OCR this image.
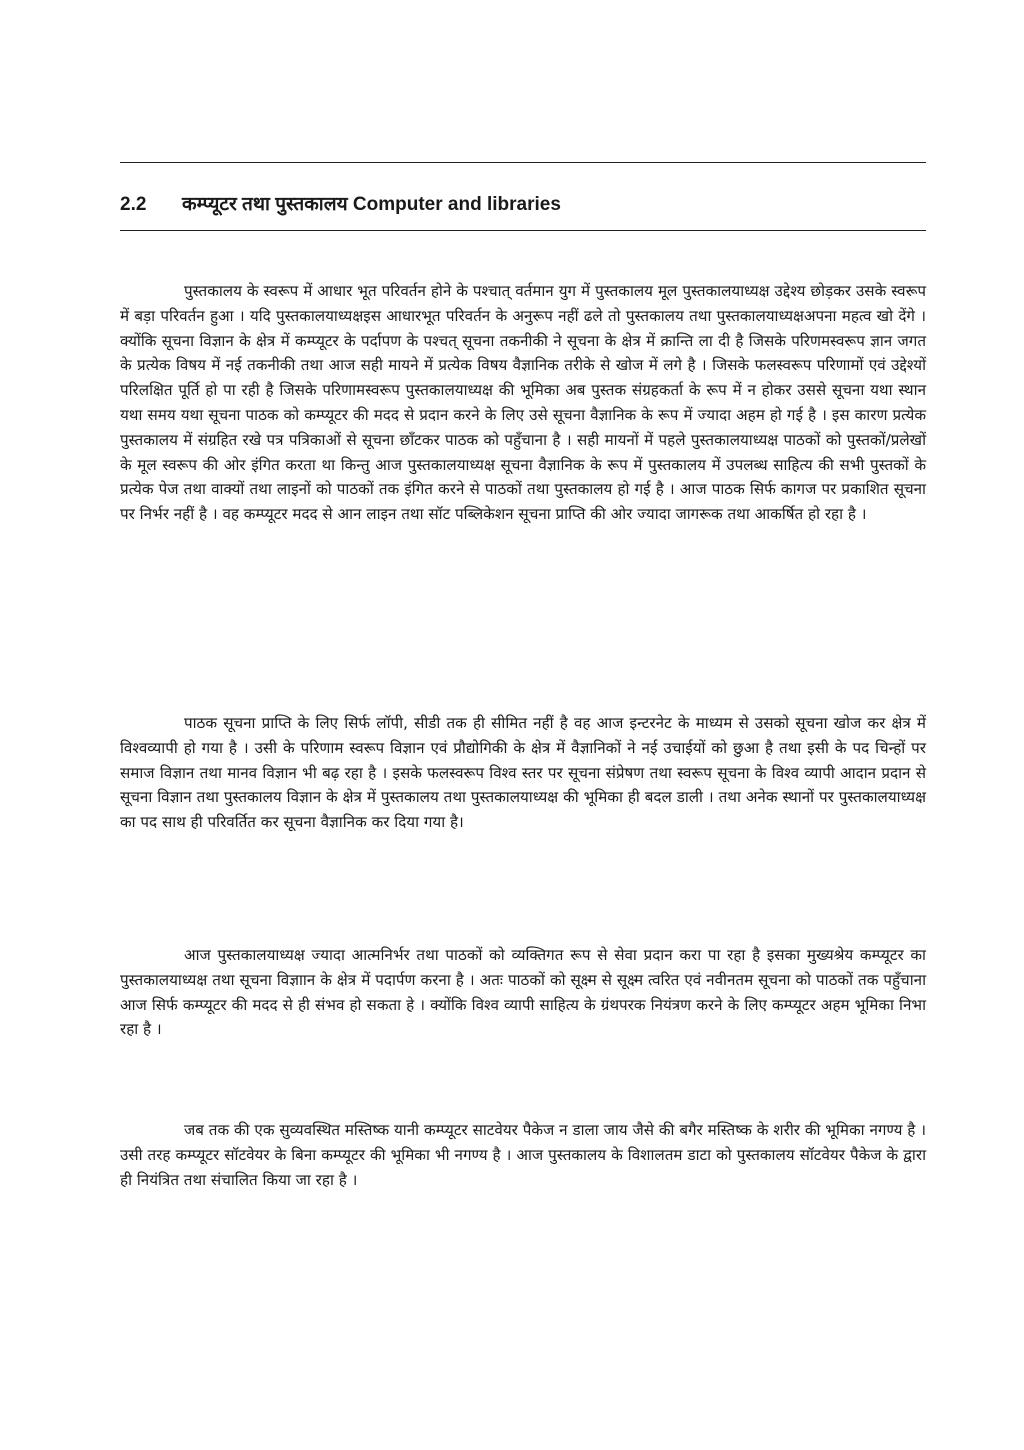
2.2	कम्प्यूटर तथा पुस्तकालय Computer and libraries

पुस्तकालय के स्वरूप में आधार भूत परिवर्तन होने के पश्चात् वर्तमान युग में पुस्तकालय मूल पुस्तकालयाध्यक्ष उद्देश्य छोड़कर उसके स्वरूप में बड़ा परिवर्तन हुआ । यदि पुस्तकालयाध्यक्षइस आधारभूत परिवर्तन के अनुरूप नहीं ढले तो पुस्तकालय तथा पुस्तकालयाध्यक्षअपना महत्व खो देंगे । क्योंकि सूचना विज्ञान के क्षेत्र में कम्प्यूटर के पर्दापण के पश्चत् सूचना तकनीकी ने सूचना के क्षेत्र में क्रान्ति ला दी है जिसके परिणमस्वरूप ज्ञान जगत के प्रत्येक विषय में नई तकनीकी तथा आज सही मायने में प्रत्येक विषय वैज्ञानिक तरीके से खोज में लगे है । जिसके फलस्वरूप परिणामों एवं उद्देश्यों परिलक्षित पूर्ति हो पा रही है जिसके परिणामस्वरूप पुस्तकालयाध्यक्ष की भूमिका अब पुस्तक संग्रहकर्ता के रूप में न होकर उससे सूचना यथा स्थान यथा समय यथा सूचना पाठक को कम्प्यूटर की मदद से प्रदान करने के लिए उसे सूचना वैज्ञानिक के रूप में ज्यादा अहम हो गई है । इस कारण प्रत्येक पुस्तकालय में संग्रहित रखे पत्र पत्रिकाओं से सूचना छाँटकर पाठक को पहुँचाना है । सही मायनों में पहले पुस्तकालयाध्यक्ष पाठकों को पुस्तकों/प्रलेखों के मूल स्वरूप की ओर इंगित करता था किन्तु आज पुस्तकालयाध्यक्ष सूचना वैज्ञानिक के रूप में पुस्तकालय में उपलब्ध साहित्य की सभी पुस्तकों के प्रत्येक पेज तथा वाक्यों तथा लाइनों को पाठकों तक इंगित करने से पाठकों तथा पुस्तकालय हो गई है । आज पाठक सिर्फ कागज पर प्रकाशित सूचना पर निर्भर नहीं है । वह कम्प्यूटर मदद से आन लाइन तथा सॉट पब्लिकेशन सूचना प्राप्ति की ओर ज्यादा जागरूक तथा आकर्षित हो रहा है ।

पाठक सूचना प्राप्ति के लिए सिर्फ लॉपी, सीडी तक ही सीमित नहीं है वह आज इन्टरनेट के माध्यम से उसको सूचना खोज कर क्षेत्र में विश्वव्यापी हो गया है । उसी के परिणाम स्वरूप विज्ञान एवं प्रौद्योगिकी के क्षेत्र में वैज्ञानिकों ने नई उचाईयों को छुआ है तथा इसी के पद चिन्हों पर समाज विज्ञान तथा मानव विज्ञान भी बढ़ रहा है । इसके फलस्वरूप विश्व स्तर पर सूचना संप्रेषण तथा स्वरूप सूचना के विश्व व्यापी आदान प्रदान से सूचना विज्ञान तथा पुस्तकालय विज्ञान के क्षेत्र में पुस्तकालय तथा पुस्तकालयाध्यक्ष की भूमिका ही बदल डाली । तथा अनेक स्थानों पर पुस्तकालयाध्यक्ष का पद साथ ही परिवर्तित कर सूचना वैज्ञानिक कर दिया गया है।

आज पुस्तकालयाध्यक्ष ज्यादा आत्मनिर्भर तथा पाठकों को व्यक्तिगत रूप से सेवा प्रदान करा पा रहा है इसका मुख्यश्रेय कम्प्यूटर का पुस्तकालयाध्यक्ष तथा सूचना विज्ञाान के क्षेत्र में पदार्पण करना है । अतः पाठकों को सूक्ष्म से सूक्ष्म त्वरित एवं नवीनतम सूचना को पाठकों तक पहुँचाना आज सिर्फ कम्प्यूटर की मदद से ही संभव हो सकता हे । क्योंकि विश्व व्यापी साहित्य के ग्रंथपरक नियंत्रण करने के लिए कम्प्यूटर अहम भूमिका निभा रहा है ।

जब तक की एक सुव्यवस्थित मस्तिष्क यानी कम्प्यूटर साटवेयर पैकेज न डाला जाय जैसे की बगैर मस्तिष्क के शरीर की भूमिका नगण्य है । उसी तरह कम्प्यूटर सॉटवेयर के बिना कम्प्यूटर की भूमिका भी नगण्य है । आज पुस्तकालय के विशालतम डाटा को पुस्तकालय सॉटवेयर पैकेज के द्वारा ही नियंत्रित तथा संचालित किया जा रहा है ।
